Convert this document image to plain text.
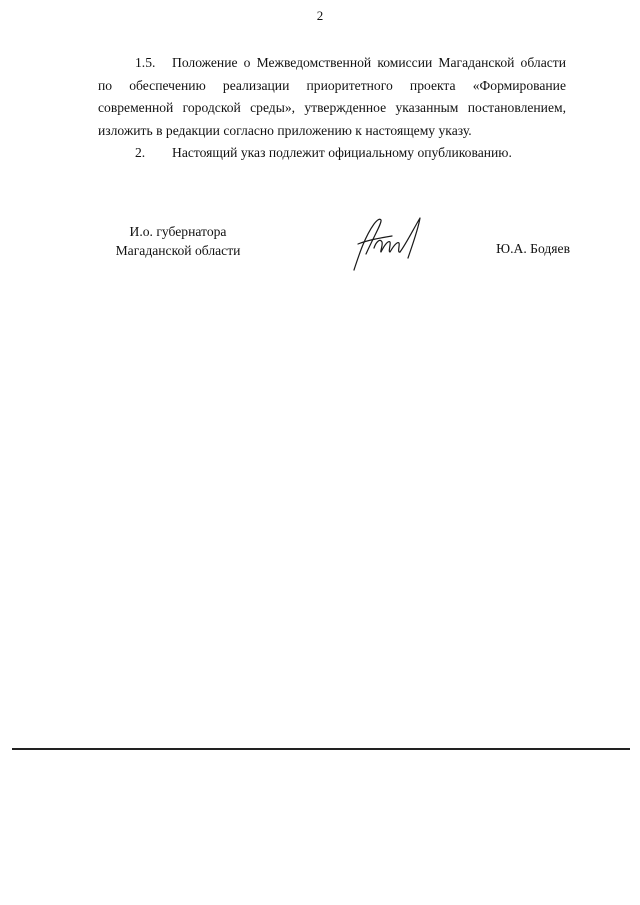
2

1.5. Положение о Межведомственной комиссии Магаданской области по обеспечению реализации приоритетного проекта «Формирование современной городской среды», утвержденное указанным постановлением, изложить в редакции согласно приложению к настоящему указу.

2. Настоящий указ подлежит официальному опубликованию.

И.о. губернатора
Магаданской области	Ю.А. Бодяев
